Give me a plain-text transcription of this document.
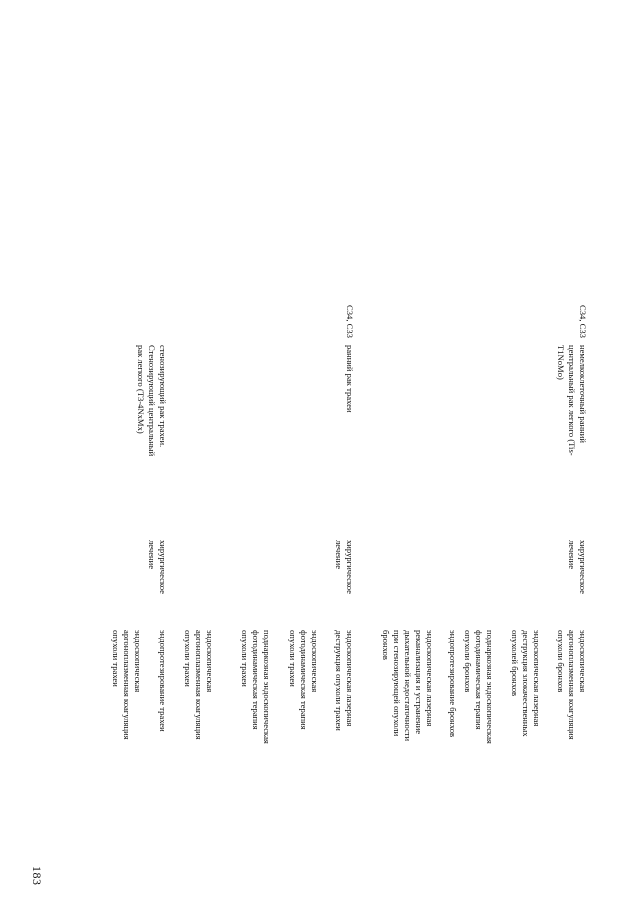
183
С34, С33
немелкоклеточный ранний
центральный рак легкого (Tis-
T1NoMo)
хирургическое
лечение
эндоскопическая
аргоноплазменная коагуляция
опухоли бронхов
эндоскопическая лазерная
деструкция злокачественных
опухолей бронхов
поднаркозная эндоскопическая
фотодинамическая терапия
опухоли бронхов
эндопротезирование бронхов
эндоскопическая лазерная
реканализация и устранение
дыхательной недостаточности
при стенозирующей опухоли
бронхов
С34, С33
ранний рак трахеи
хирургическое
лечение
эндоскопическая лазерная
деструкция опухоли трахеи
эндоскопическая
фотодинамическая терапия
опухоли трахеи
поднаркозная эндоскопическая
фотодинамическая терапия
опухоли трахеи
эндоскопическая
аргоноплазменная коагуляция
опухоли трахеи
стенозирующий рак трахеи.
Стенозирующий центральный
рак легкого (T3-4NxMx)
хирургическое
лечение
эндопротезирование трахеи
эндоскопическая
аргоноплазменная коагуляция
опухоли трахеи
